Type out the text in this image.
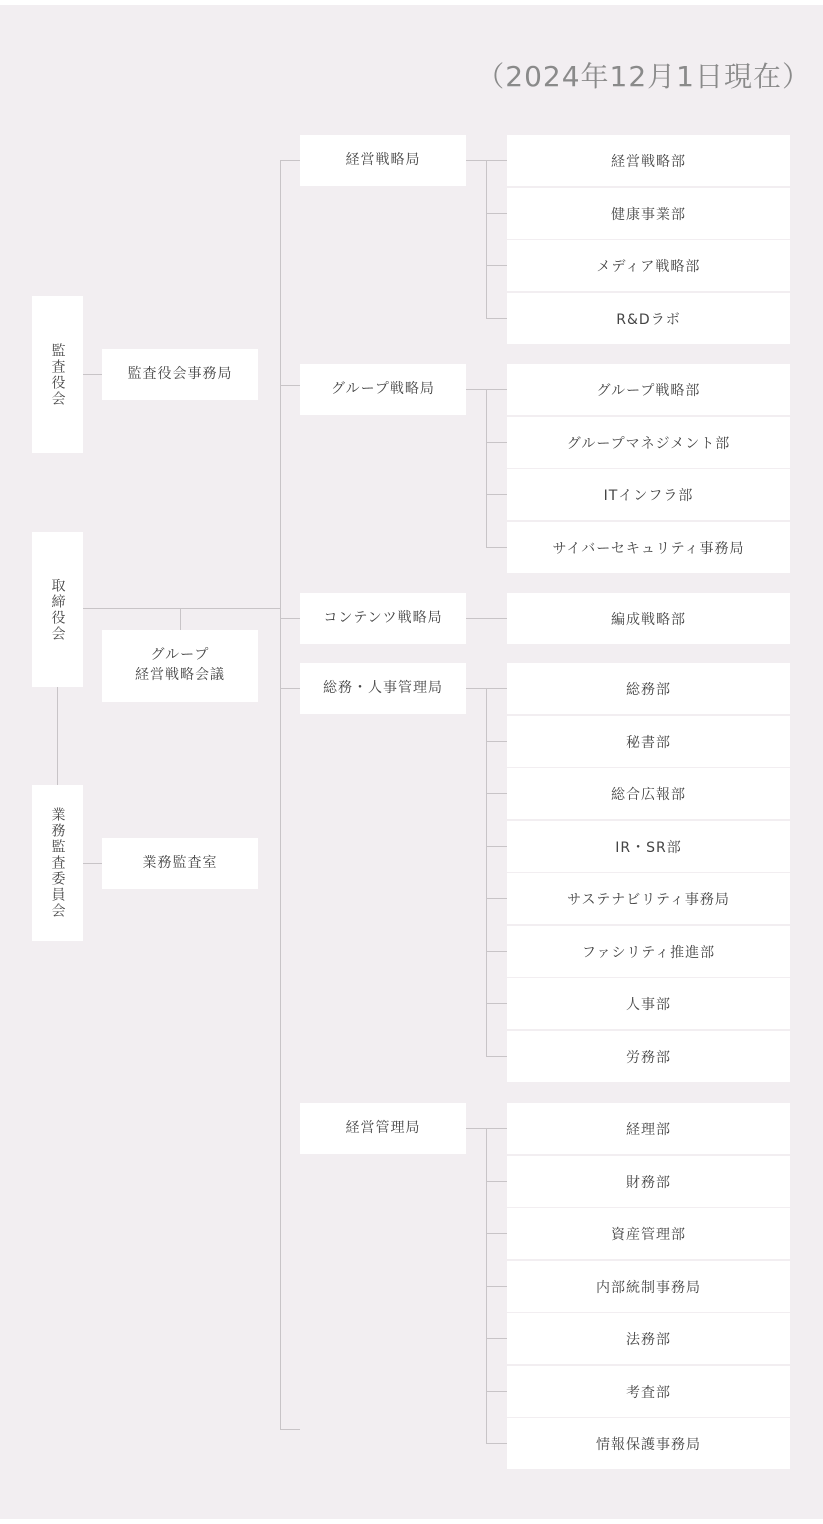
（2024年12月1日現在）
監査役会
取締役会
業務監査委員会
監査役会事務局
グループ
経営戦略会議
業務監査室
経営戦略局
グループ戦略局
コンテンツ戦略局
総務・人事管理局
経営管理局
経営戦略部
健康事業部
メディア戦略部
R&Dラボ
グループ戦略部
グループマネジメント部
ITインフラ部
サイバーセキュリティ事務局
編成戦略部
総務部
秘書部
総合広報部
IR・SR部
サステナビリティ事務局
ファシリティ推進部
人事部
労務部
経理部
財務部
資産管理部
内部統制事務局
法務部
考査部
情報保護事務局
